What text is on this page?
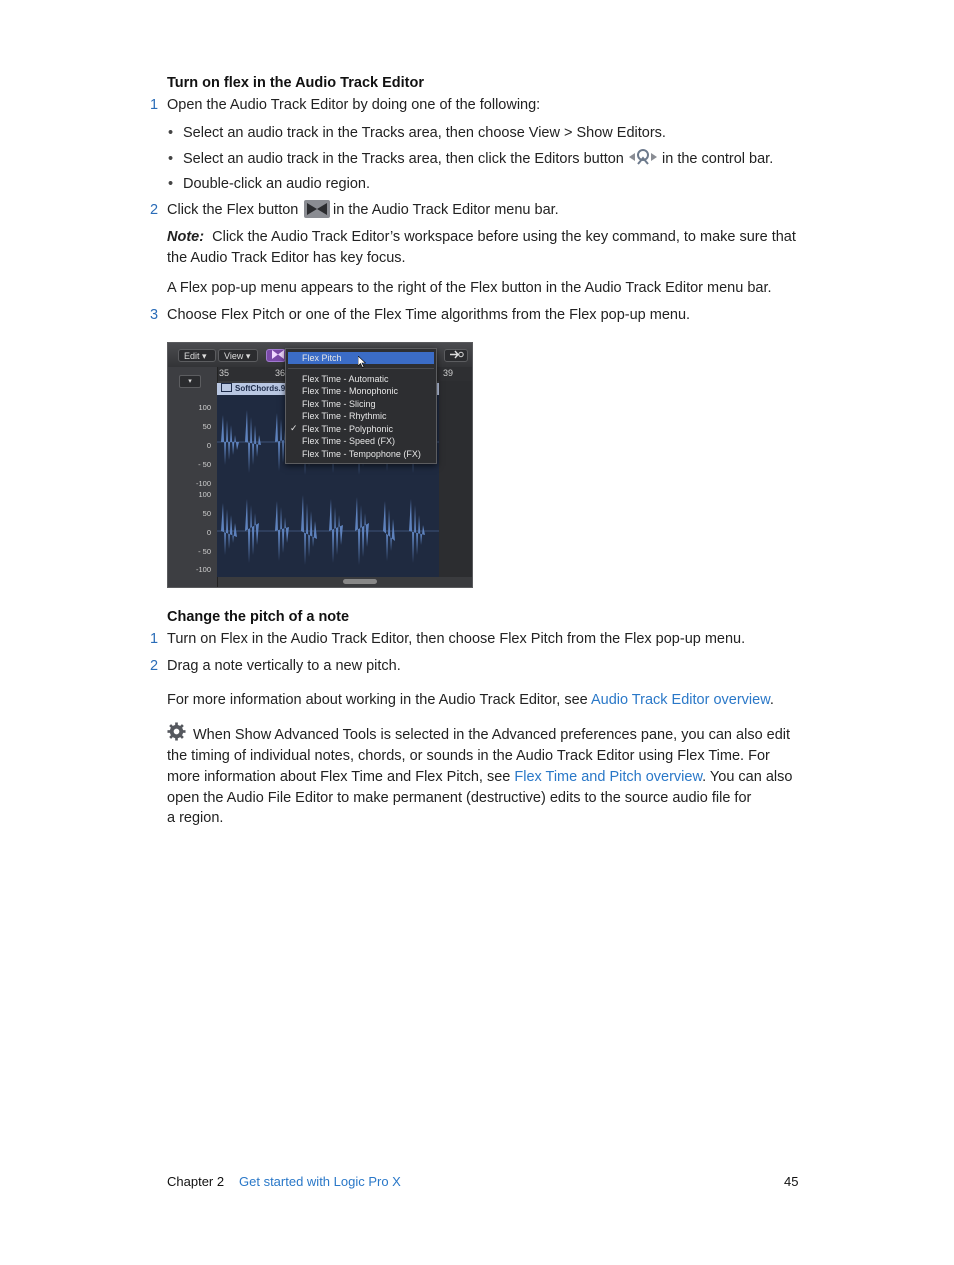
Turn on flex in the Audio Track Editor
1 Open the Audio Track Editor by doing one of the following:
• Select an audio track in the Tracks area, then choose View > Show Editors.
• Select an audio track in the Tracks area, then click the Editors button	in the control bar.
• Double-click an audio region.
2 Click the Flex button in the Audio Track Editor menu bar.
Note: Click the Audio Track Editor’s workspace before using the key command, to make sure that
the Audio Track Editor has key focus.
A Flex pop-up menu appears to the right of the Flex button in the Audio Track Editor menu bar.
3 Choose Flex Pitch or one of the Flex Time algorithms from the Flex pop-up menu.
Edit ▾	View ▾
35	36	39
▾
100
50
0
- 50
-100
100
50
0
- 50
-100
SoftChords.9
Flex Pitch
Flex Time - Automatic
Flex Time - Monophonic
Flex Time - Slicing
Flex Time - Rhythmic
✓ Flex Time - Polyphonic
Flex Time - Speed (FX)
Flex Time - Tempophone (FX)
Change the pitch of a note
1 Turn on Flex in the Audio Track Editor, then choose Flex Pitch from the Flex pop-up menu.
2 Drag a note vertically to a new pitch.
For more information about working in the Audio Track Editor, see Audio Track Editor overview.
When Show Advanced Tools is selected in the Advanced preferences pane, you can also edit
the timing of individual notes, chords, or sounds in the Audio Track Editor using Flex Time. For
more information about Flex Time and Flex Pitch, see Flex Time and Pitch overview. You can also
open the Audio File Editor to make permanent (destructive) edits to the source audio file for
a region.
Chapter 2 Get started with Logic Pro X	45
